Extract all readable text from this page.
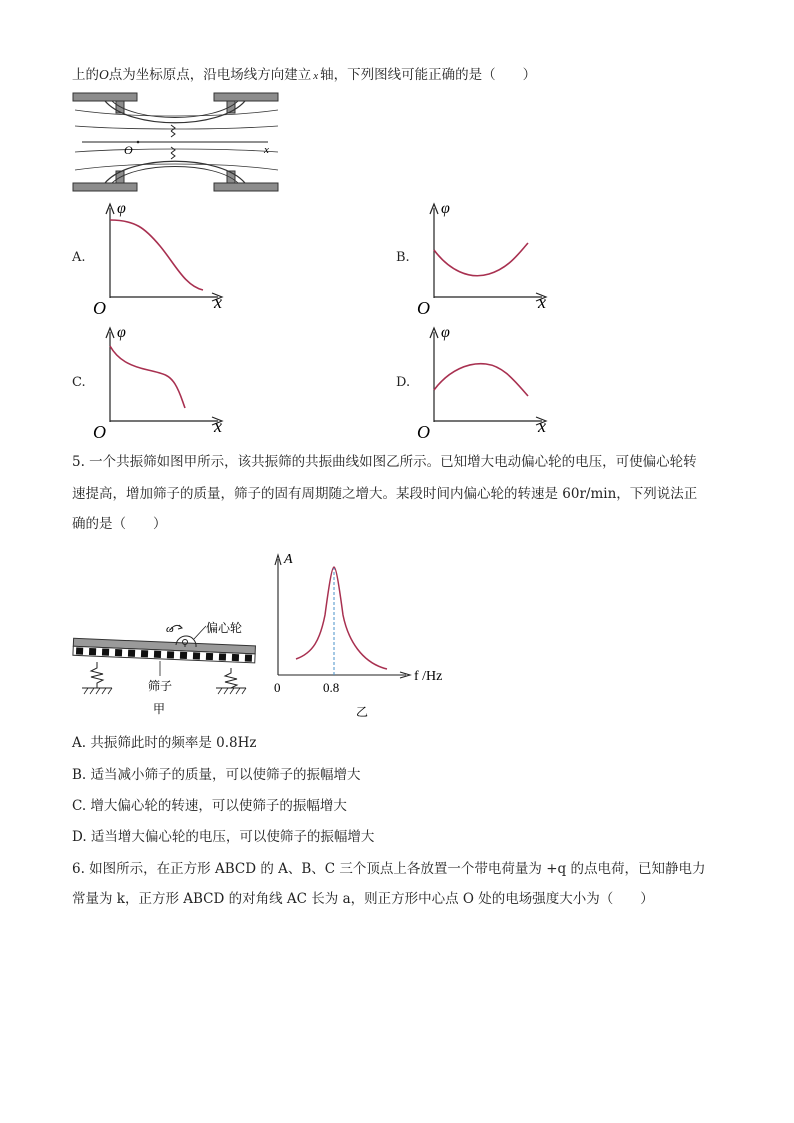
上的O点为坐标原点，沿电场线方向建立 x 轴，下列图线可能正确的是（　　）
O	x
A.	B.
C.	D.
φ
O	x
φ
O	x
φ
O	x
φ
O	x
5. 一个共振筛如图甲所示，该共振筛的共振曲线如图乙所示。已知增大电动偏心轮的电压，可使偏心轮转
速提高，增加筛子的质量，筛子的固有周期随之增大。某段时间内偏心轮的转速是 60r/min，下列说法正
确的是（　　）
ω	偏心轮
筛子
甲
A
f /Hz
0	0.8
乙
A. 共振筛此时的频率是 0.8Hz
B. 适当减小筛子的质量，可以使筛子的振幅增大
C. 增大偏心轮的转速，可以使筛子的振幅增大
D. 适当增大偏心轮的电压，可以使筛子的振幅增大
6. 如图所示，在正方形 ABCD 的 A、B、C 三个顶点上各放置一个带电荷量为 +q 的点电荷，已知静电力
常量为 k，正方形 ABCD 的对角线 AC 长为 a，则正方形中心点 O 处的电场强度大小为（　　）
